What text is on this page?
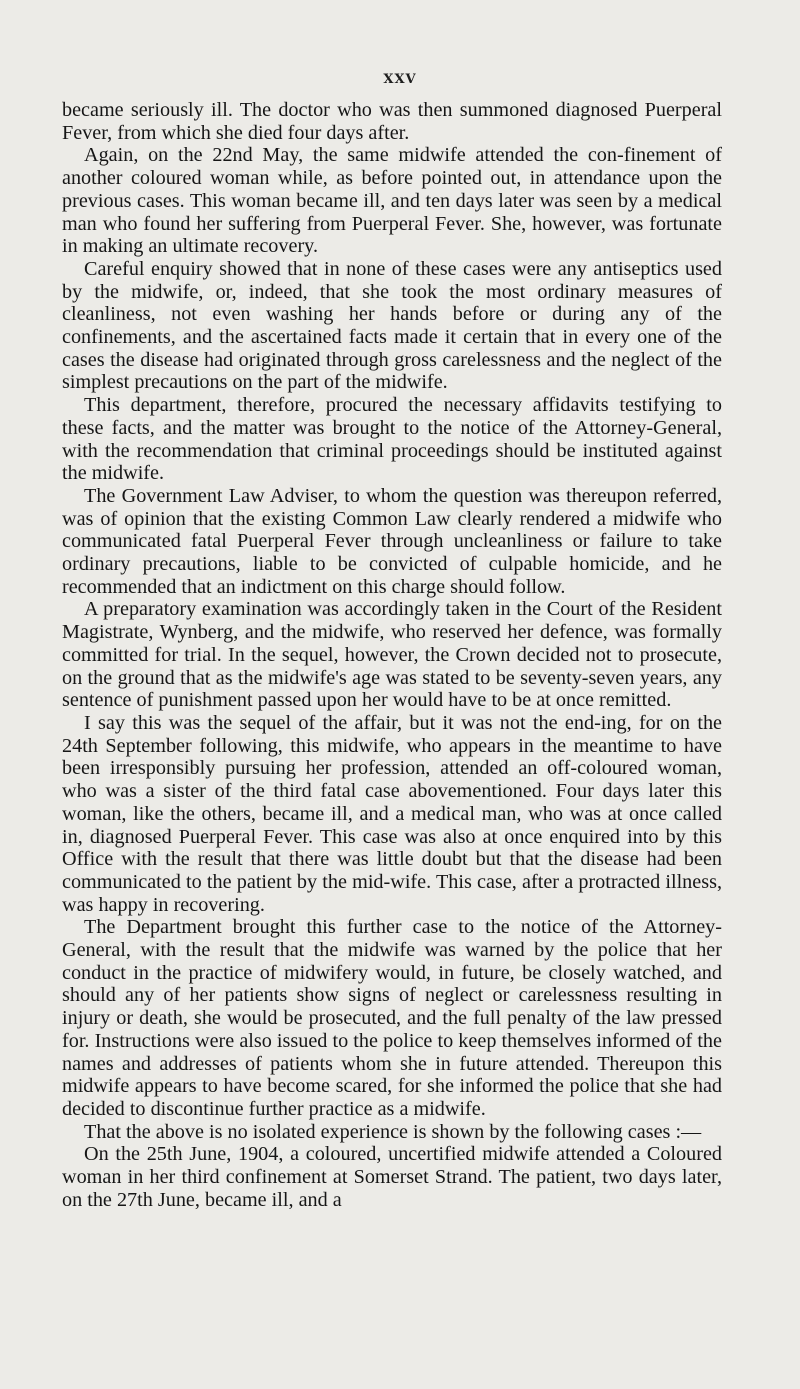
XXV

became seriously ill. The doctor who was then summoned diagnosed Puerperal Fever, from which she died four days after.

Again, on the 22nd May, the same midwife attended the con-finement of another coloured woman while, as before pointed out, in attendance upon the previous cases. This woman became ill, and ten days later was seen by a medical man who found her suffering from Puerperal Fever. She, however, was fortunate in making an ultimate recovery.

Careful enquiry showed that in none of these cases were any antiseptics used by the midwife, or, indeed, that she took the most ordinary measures of cleanliness, not even washing her hands before or during any of the confinements, and the ascertained facts made it certain that in every one of the cases the disease had originated through gross carelessness and the neglect of the simplest precautions on the part of the midwife.

This department, therefore, procured the necessary affidavits testifying to these facts, and the matter was brought to the notice of the Attorney-General, with the recommendation that criminal proceedings should be instituted against the midwife.

The Government Law Adviser, to whom the question was thereupon referred, was of opinion that the existing Common Law clearly rendered a midwife who communicated fatal Puerperal Fever through uncleanliness or failure to take ordinary precautions, liable to be convicted of culpable homicide, and he recommended that an indictment on this charge should follow.

A preparatory examination was accordingly taken in the Court of the Resident Magistrate, Wynberg, and the midwife, who reserved her defence, was formally committed for trial. In the sequel, however, the Crown decided not to prosecute, on the ground that as the midwife's age was stated to be seventy-seven years, any sentence of punishment passed upon her would have to be at once remitted.

I say this was the sequel of the affair, but it was not the end-ing, for on the 24th September following, this midwife, who appears in the meantime to have been irresponsibly pursuing her profession, attended an off-coloured woman, who was a sister of the third fatal case abovementioned. Four days later this woman, like the others, became ill, and a medical man, who was at once called in, diagnosed Puerperal Fever. This case was also at once enquired into by this Office with the result that there was little doubt but that the disease had been communicated to the patient by the mid-wife. This case, after a protracted illness, was happy in recovering.

The Department brought this further case to the notice of the Attorney-General, with the result that the midwife was warned by the police that her conduct in the practice of midwifery would, in future, be closely watched, and should any of her patients show signs of neglect or carelessness resulting in injury or death, she would be prosecuted, and the full penalty of the law pressed for. Instructions were also issued to the police to keep themselves informed of the names and addresses of patients whom she in future attended. Thereupon this midwife appears to have become scared, for she informed the police that she had decided to discontinue further practice as a midwife.

That the above is no isolated experience is shown by the following cases :—

On the 25th June, 1904, a coloured, uncertified midwife attended a Coloured woman in her third confinement at Somerset Strand. The patient, two days later, on the 27th June, became ill, and a
